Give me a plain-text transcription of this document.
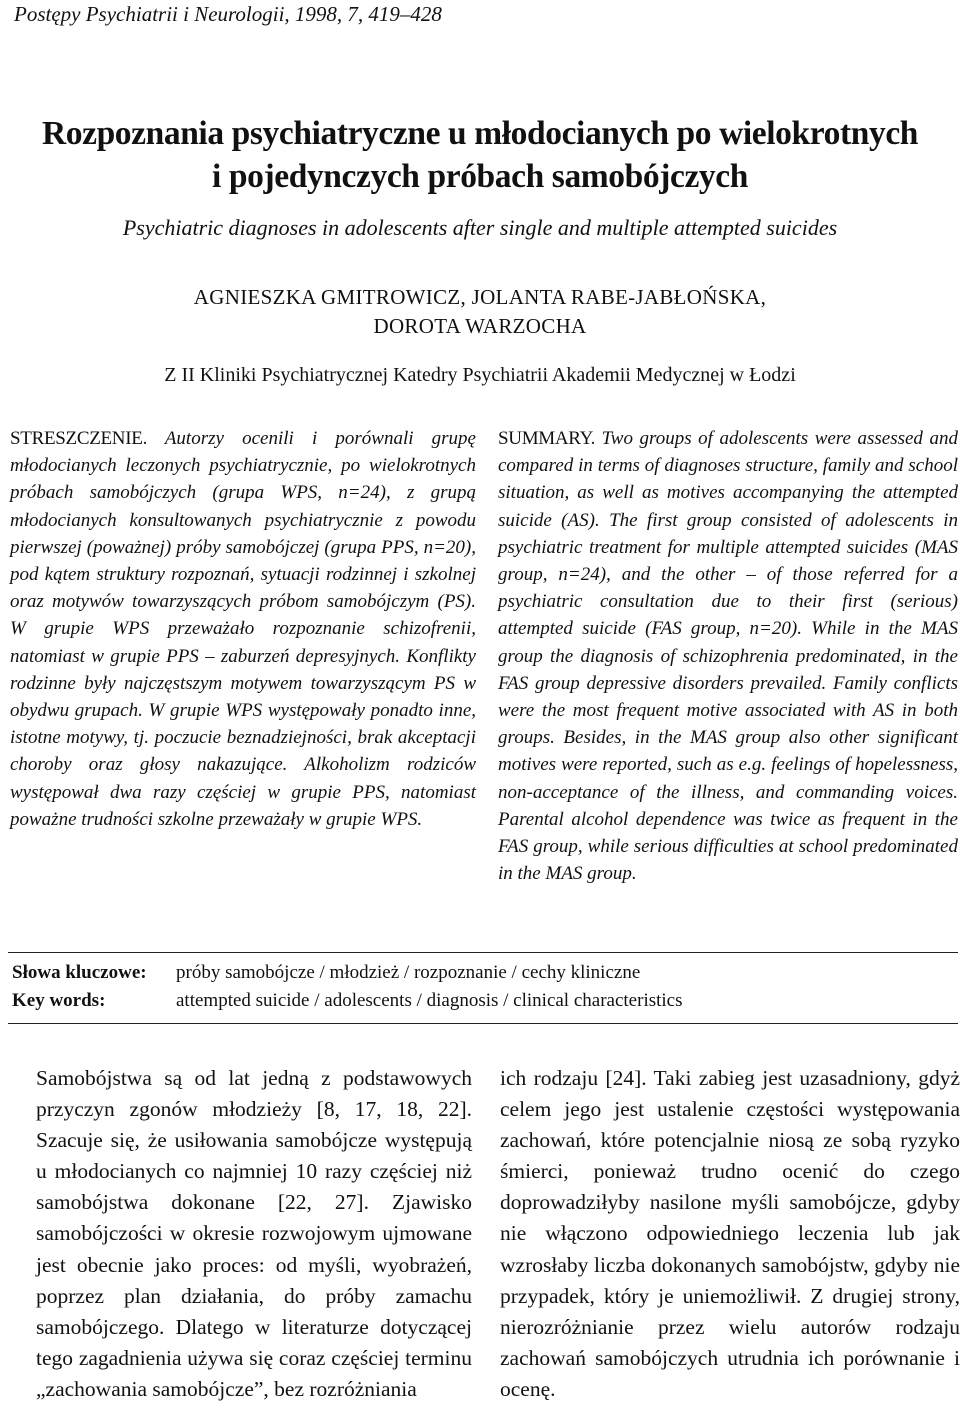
Postępy Psychiatrii i Neurologii, 1998, 7, 419–428
Rozpoznania psychiatryczne u młodocianych po wielokrotnych
i pojedynczych próbach samobójczych
Psychiatric diagnoses in adolescents after single and multiple attempted suicides
AGNIESZKA GMITROWICZ, JOLANTA RABE-JABŁOŃSKA,
DOROTA WARZOCHA
Z II Kliniki Psychiatrycznej Katedry Psychiatrii Akademii Medycznej w Łodzi
STRESZCZENIE. Autorzy ocenili i porównali grupę młodocianych leczonych psychiatrycznie, po wielokrotnych próbach samobójczych (grupa WPS, n=24), z grupą młodocianych konsultowanych psychiatrycznie z powodu pierwszej (poważnej) próby samobójczej (grupa PPS, n=20), pod kątem struktury rozpoznań, sytuacji rodzinnej i szkolnej oraz motywów towarzyszących próbom samobójczym (PS). W grupie WPS przeważało rozpoznanie schizofrenii, natomiast w grupie PPS – zaburzeń depresyjnych. Konflikty rodzinne były najczęstszym motywem towarzyszącym PS w obydwu grupach. W grupie WPS występowały ponadto inne, istotne motywy, tj. poczucie beznadziejności, brak akceptacji choroby oraz głosy nakazujące. Alkoholizm rodziców występował dwa razy częściej w grupie PPS, natomiast poważne trudności szkolne przeważały w grupie WPS.
SUMMARY. Two groups of adolescents were assessed and compared in terms of diagnoses structure, family and school situation, as well as motives accompanying the attempted suicide (AS). The first group consisted of adolescents in psychiatric treatment for multiple attempted suicides (MAS group, n=24), and the other – of those referred for a psychiatric consultation due to their first (serious) attempted suicide (FAS group, n=20). While in the MAS group the diagnosis of schizophrenia predominated, in the FAS group depressive disorders prevailed. Family conflicts were the most frequent motive associated with AS in both groups. Besides, in the MAS group also other significant motives were reported, such as e.g. feelings of hopelessness, non-acceptance of the illness, and commanding voices. Parental alcohol dependence was twice as frequent in the FAS group, while serious difficulties at school predominated in the MAS group.
Słowa kluczowe:	próby samobójcze / młodzież / rozpoznanie / cechy kliniczne
Key words:	attempted suicide / adolescents / diagnosis / clinical characteristics
Samobójstwa są od lat jedną z podstawowych przyczyn zgonów młodzieży [8, 17, 18, 22]. Szacuje się, że usiłowania samobójcze występują u młodocianych co najmniej 10 razy częściej niż samobójstwa dokonane [22, 27]. Zjawisko samobójczości w okresie rozwojowym ujmowane jest obecnie jako proces: od myśli, wyobrażeń, poprzez plan działania, do próby zamachu samobójczego. Dlatego w literaturze dotyczącej tego zagadnienia używa się coraz częściej terminu „zachowania samobójcze”, bez rozróżniania
ich rodzaju [24]. Taki zabieg jest uzasadniony, gdyż celem jego jest ustalenie częstości występowania zachowań, które potencjalnie niosą ze sobą ryzyko śmierci, ponieważ trudno ocenić do czego doprowadziłyby nasilone myśli samobójcze, gdyby nie włączono odpowiedniego leczenia lub jak wzrosłaby liczba dokonanych samobójstw, gdyby nie przypadek, który je uniemożliwił. Z drugiej strony, nierozróżnianie przez wielu autorów rodzaju zachowań samobójczych utrudnia ich porównanie i ocenę.
